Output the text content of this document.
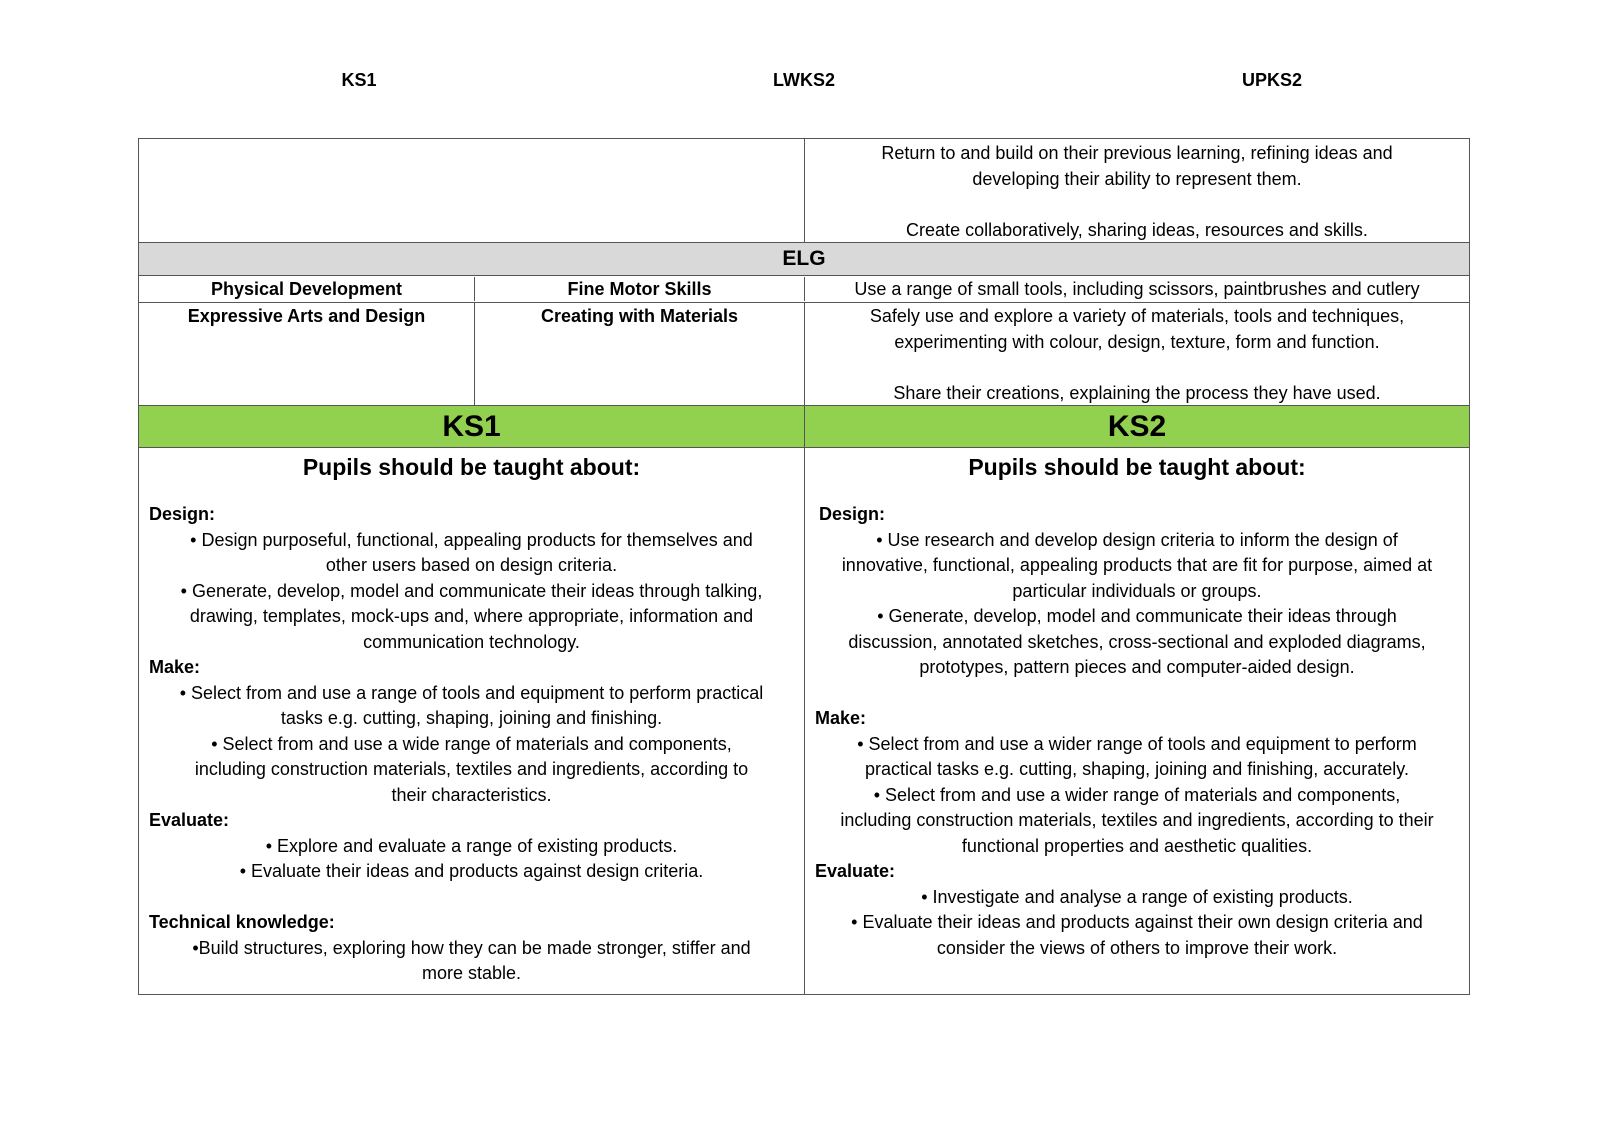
KS1	LWKS2	UPKS2
Return to and build on their previous learning, refining ideas and
developing their ability to represent them.
Create collaboratively, sharing ideas, resources and skills.
ELG
Physical Development	Fine Motor Skills	Use a range of small tools, including scissors, paintbrushes and cutlery
Expressive Arts and Design	Creating with Materials	Safely use and explore a variety of materials, tools and techniques,
experimenting with colour, design, texture, form and function.
Share their creations, explaining the process they have used.
KS1	KS2
Pupils should be taught about:
Design:
• Design purposeful, functional, appealing products for themselves and
other users based on design criteria.
• Generate, develop, model and communicate their ideas through talking,
drawing, templates, mock-ups and, where appropriate, information and
communication technology.
Make:
• Select from and use a range of tools and equipment to perform practical
tasks e.g. cutting, shaping, joining and finishing.
• Select from and use a wide range of materials and components,
including construction materials, textiles and ingredients, according to
their characteristics.
Evaluate:
• Explore and evaluate a range of existing products.
• Evaluate their ideas and products against design criteria.
Technical knowledge:
•Build structures, exploring how they can be made stronger, stiffer and
more stable.
Pupils should be taught about:
Design:
• Use research and develop design criteria to inform the design of
innovative, functional, appealing products that are fit for purpose, aimed at
particular individuals or groups.
• Generate, develop, model and communicate their ideas through
discussion, annotated sketches, cross-sectional and exploded diagrams,
prototypes, pattern pieces and computer-aided design.
Make:
• Select from and use a wider range of tools and equipment to perform
practical tasks e.g. cutting, shaping, joining and finishing, accurately.
• Select from and use a wider range of materials and components,
including construction materials, textiles and ingredients, according to their
functional properties and aesthetic qualities.
Evaluate:
• Investigate and analyse a range of existing products.
• Evaluate their ideas and products against their own design criteria and
consider the views of others to improve their work.
